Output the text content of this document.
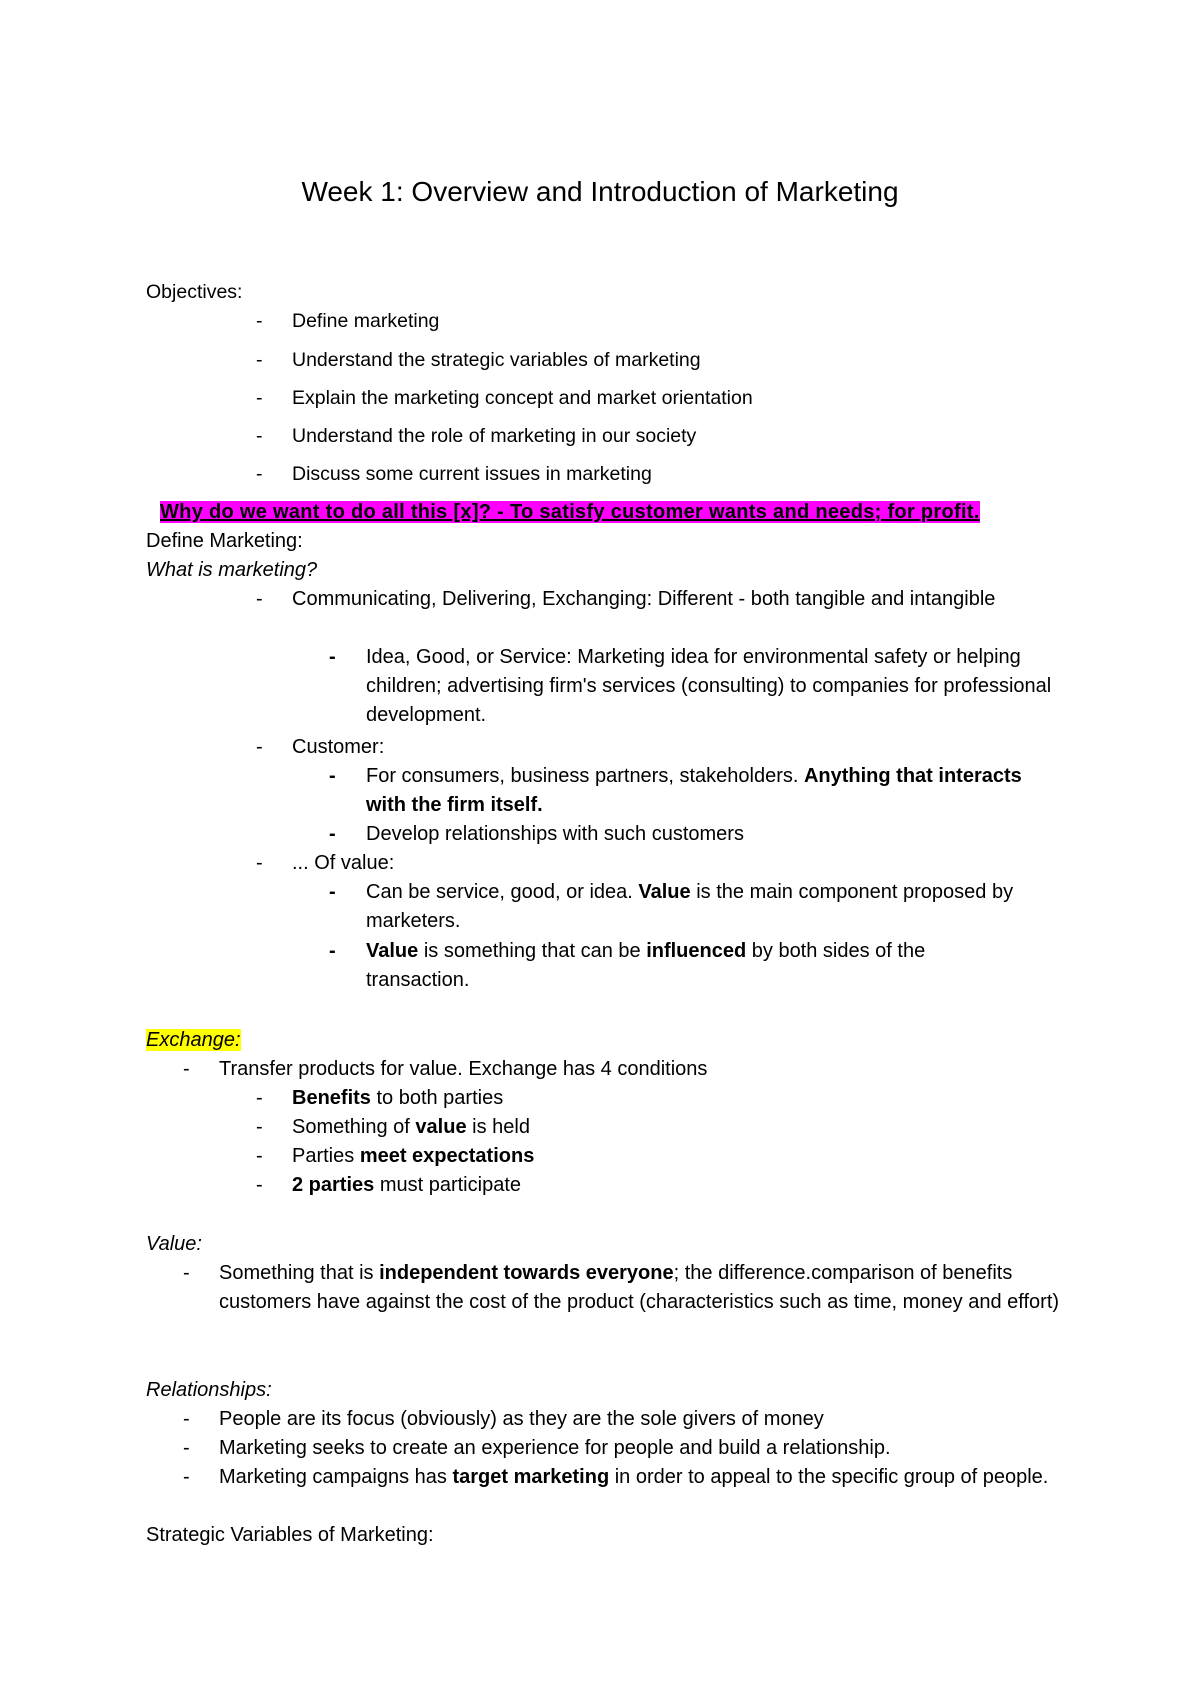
Week 1: Overview and Introduction of Marketing
Objectives:
- Define marketing
- Understand the strategic variables of marketing
- Explain the marketing concept and market orientation
- Understand the role of marketing in our society
- Discuss some current issues in marketing
Why do we want to do all this [x]? - To satisfy customer wants and needs; for profit.
Define Marketing:
What is marketing?
- Communicating, Delivering, Exchanging: Different - both tangible and intangible
- Idea, Good, or Service: Marketing idea for environmental safety or helping children; advertising firm's services (consulting) to companies for professional development.
- Customer:
- For consumers, business partners, stakeholders. Anything that interacts with the firm itself.
- Develop relationships with such customers
- ... Of value:
- Can be service, good, or idea. Value is the main component proposed by marketers.
- Value is something that can be influenced by both sides of the transaction.
Exchange:
- Transfer products for value. Exchange has 4 conditions
- Benefits to both parties
- Something of value is held
- Parties meet expectations
- 2 parties must participate
Value:
- Something that is independent towards everyone; the difference.comparison of benefits customers have against the cost of the product (characteristics such as time, money and effort)
Relationships:
- People are its focus (obviously) as they are the sole givers of money
- Marketing seeks to create an experience for people and build a relationship.
- Marketing campaigns has target marketing in order to appeal to the specific group of people.
Strategic Variables of Marketing:
